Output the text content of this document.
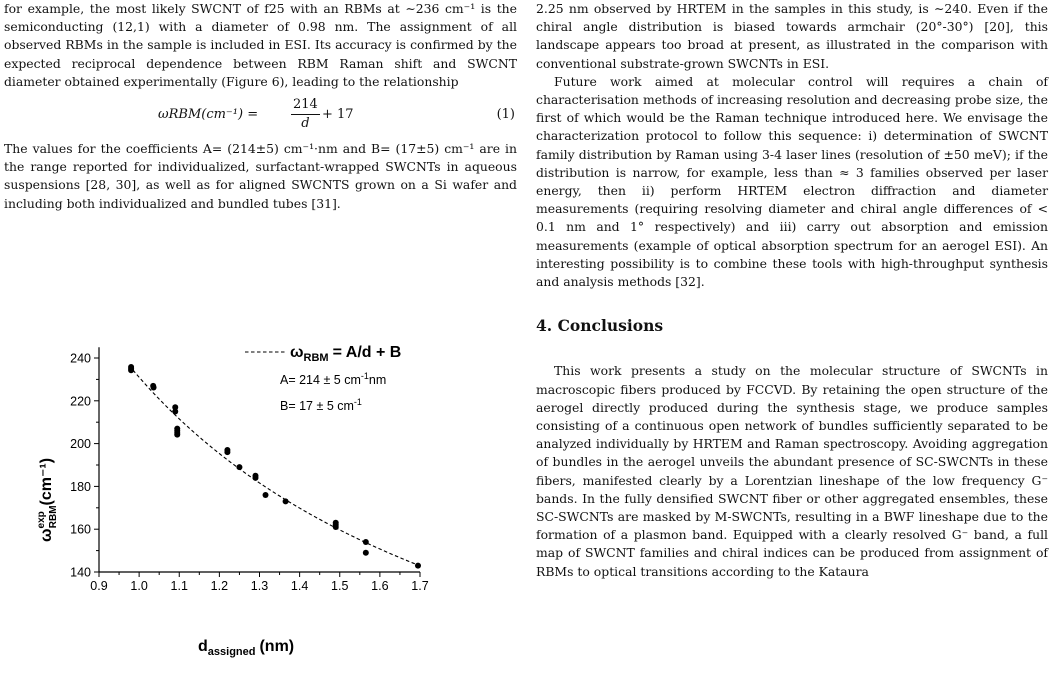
for example, the most likely SWCNT of f25 with an RBMs at ∼236 cm⁻¹ is the semiconducting (12,1) with a diameter of 0.98 nm. The assignment of all observed RBMs in the sample is included in ESI. Its accuracy is confirmed by the expected reciprocal dependence between RBM Raman shift and SWCNT diameter obtained experimentally (Figure 6), leading to the relationship

ωRBM(cm⁻¹) =	$\frac{214}{d} + 17$	(1)

The values for the coefficients A= (214±5) cm⁻¹·nm and B= (17±5) cm⁻¹ are in the range reported for individualized, surfactant-wrapped SWCNTs in aqueous suspensions [28, 30], as well as for aligned SWCNTS grown on a Si wafer and including both individualized and bundled tubes [31].

2.25 nm observed by HRTEM in the samples in this study, is ∼240. Even if the chiral angle distribution is biased towards armchair (20°-30°) [20], this landscape appears too broad at present, as illustrated in the comparison with conventional substrate-grown SWCNTs in ESI.

Future work aimed at molecular control will requires a chain of characterisation methods of increasing resolution and decreasing probe size, the first of which would be the Raman technique introduced here. We envisage the characterization protocol to follow this sequence: i) determination of SWCNT family distribution by Raman using 3-4 laser lines (resolution of ±50 meV); if the distribution is narrow, for example, less than ≈ 3 families observed per laser energy, then ii) perform HRTEM electron diffraction and diameter measurements (requiring resolving diameter and chiral angle differences of < 0.1 nm and 1° respectively) and iii) carry out absorption and emission measurements (example of optical absorption spectrum for an aerogel ESI). An interesting possibility is to combine these tools with high-throughput synthesis and analysis methods [32].

4. Conclusions

This work presents a study on the molecular structure of SWCNTs in macroscopic fibers produced by FCCVD. By retaining the open structure of the aerogel directly produced during the synthesis stage, we produce samples consisting of a continuous open network of bundles sufficiently separated to be analyzed individually by HRTEM and Raman spectroscopy. Avoiding aggregation of bundles in the aerogel unveils the abundant presence of SC-SWCNTs in these fibers, manifested clearly by a Lorentzian lineshape of the low frequency G⁻ bands. In the fully densified SWCNT fiber or other aggregated ensembles, these SC-SWCNTs are masked by M-SWCNTs, resulting in a BWF lineshape due to the formation of a plasmon band. Equipped with a clearly resolved G⁻ band, a full map of SWCNT families and chiral indices can be produced from assignment of RBMs to optical transitions according to the Kataura

0.9 1.0 1.1 1.2 1.3 1.4 1.5 1.6 1.7
140
160
180
200
220
240	$\omega_{RBM} = A/d + B$
A= 214 ± 5 $cm^{-1}nm$
B= 17 ± 5 $cm^{-1}$
$d_{assigned}$ (nm)
$\omega^{exp}RBM(cm^{-1})$
